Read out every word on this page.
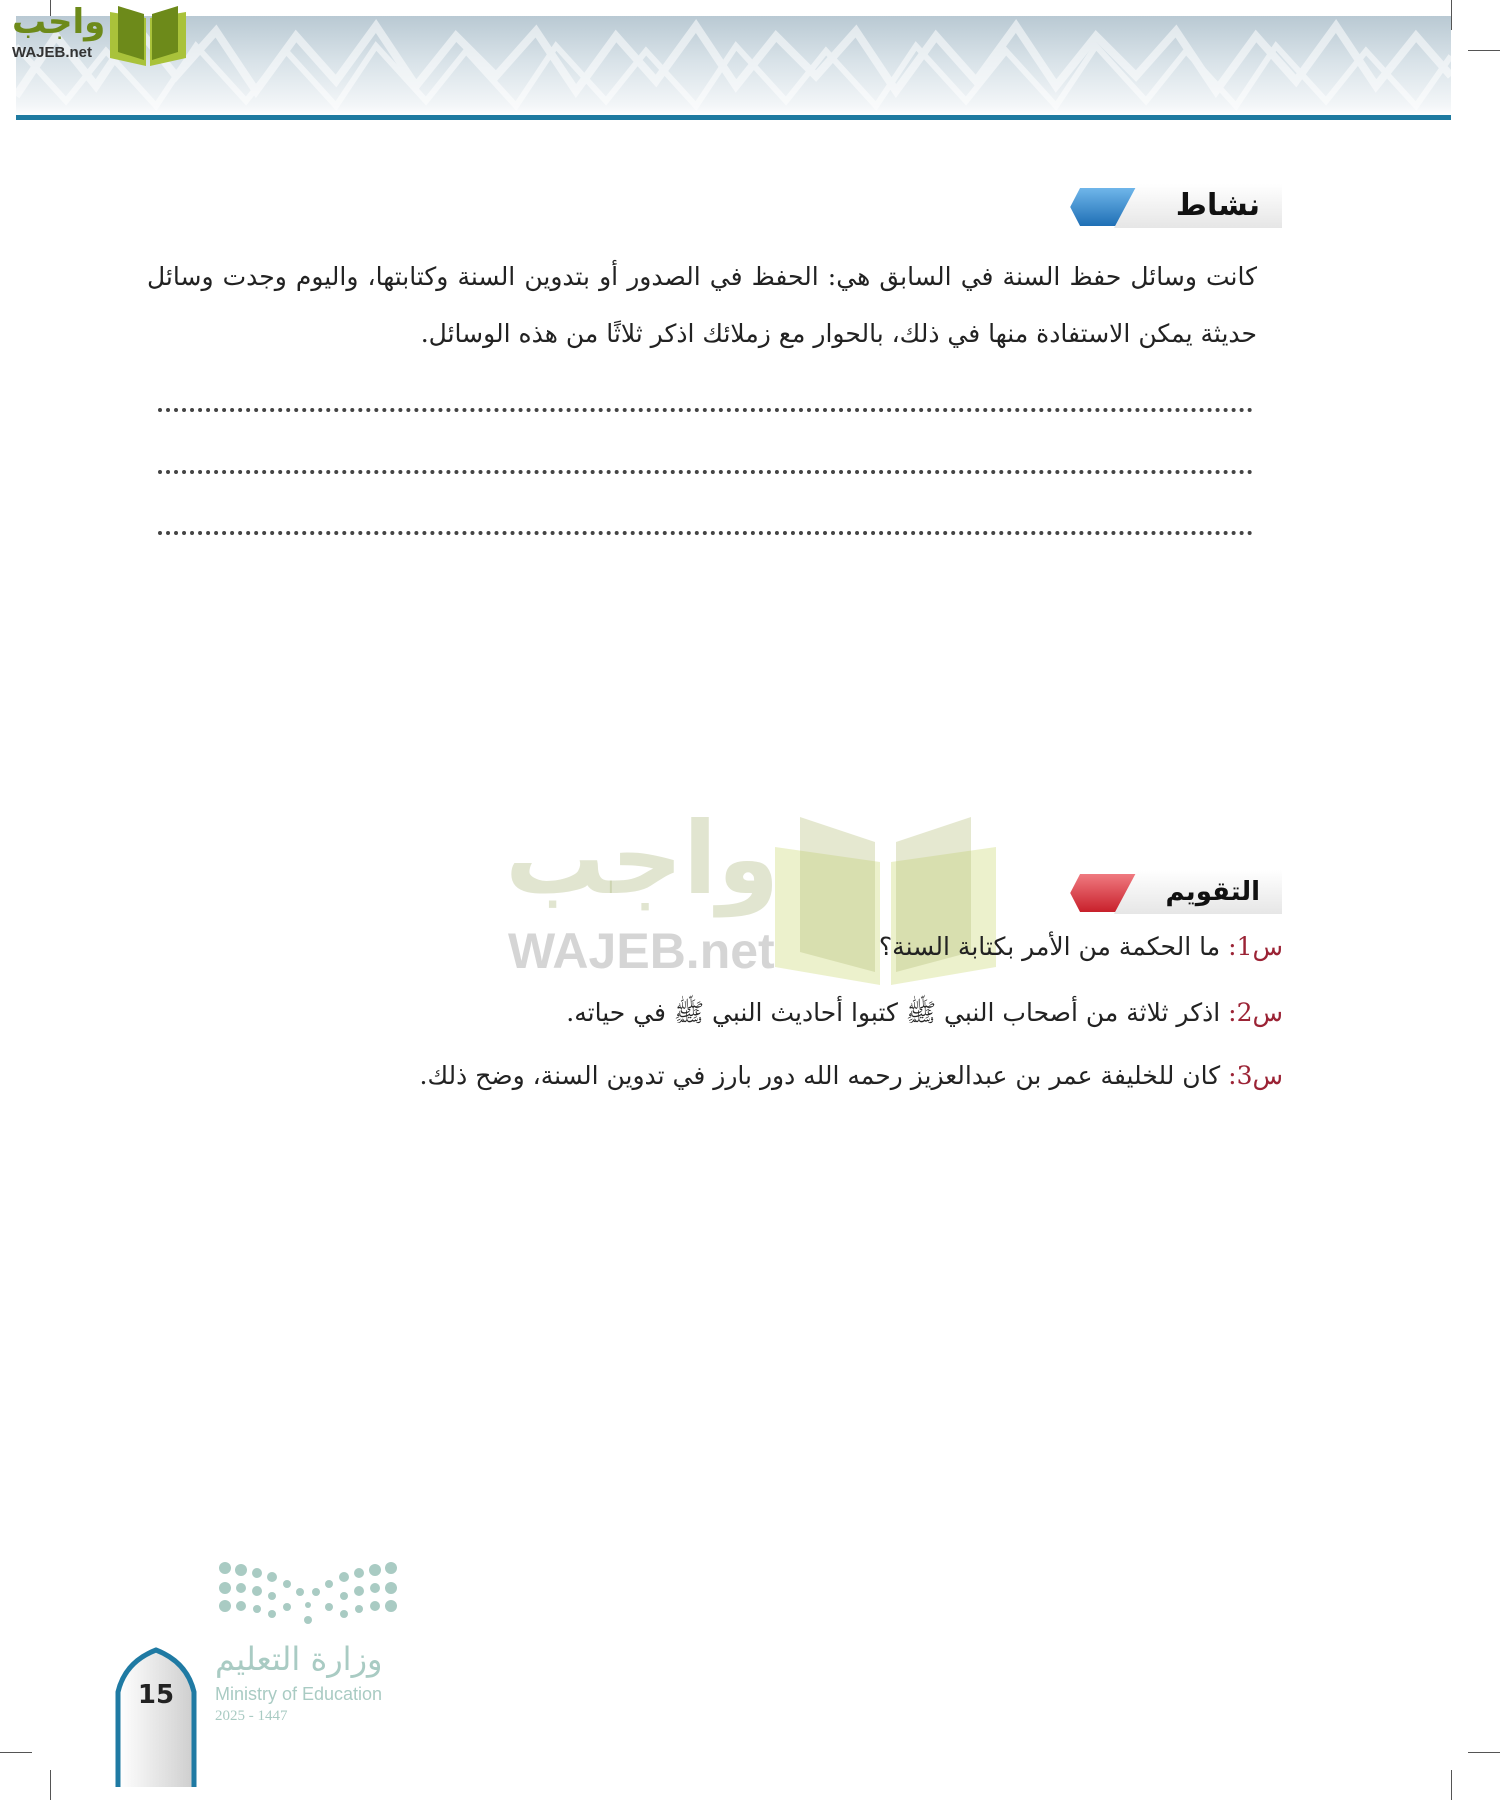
واجب
WAJEB.net
نشاط
كانت وسائل حفظ السنة في السابق هي: الحفظ في الصدور أو بتدوين السنة وكتابتها، واليوم وجدت وسائل حديثة يمكن الاستفادة منها في ذلك، بالحوار مع زملائك اذكر ثلاثًا من هذه الوسائل.
واجب
WAJEB.net
التقويم
س1: ما الحكمة من الأمر بكتابة السنة؟
س2: اذكر ثلاثة من أصحاب النبي ﷺ كتبوا أحاديث النبي ﷺ في حياته.
س3: كان للخليفة عمر بن عبدالعزيز رحمه الله دور بارز في تدوين السنة، وضح ذلك.
وزارة التعليم
Ministry of Education
2025 - 1447
15
